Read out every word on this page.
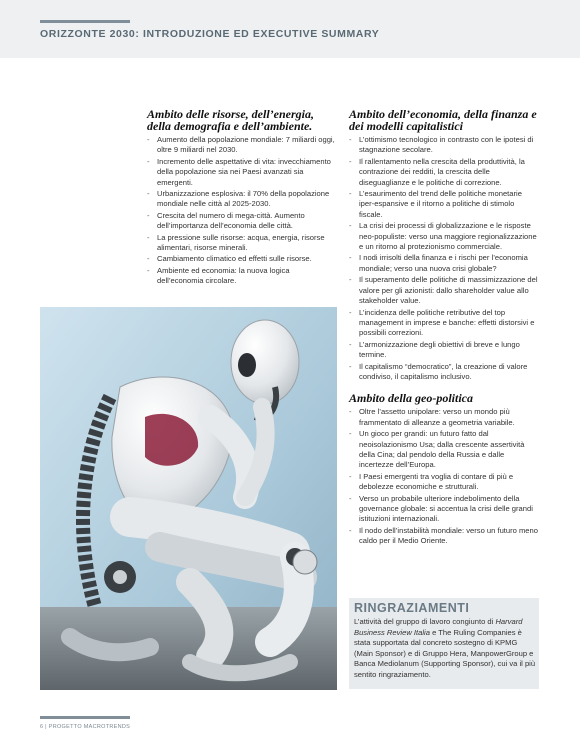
ORIZZONTE 2030: INTRODUZIONE ED EXECUTIVE SUMMARY
Ambito delle risorse, dell’energia, della demografia e dell’ambiente.
- Aumento della popolazione mondiale: 7 miliardi oggi, oltre 9 miliardi nel 2030.
- Incremento delle aspettative di vita: invecchiamento della popolazione sia nei Paesi avanzati sia emergenti.
- Urbanizzazione esplosiva: il 70% della popolazione mondiale nelle città al 2025-2030.
- Crescita del numero di mega-città. Aumento dell’importanza dell’economia delle città.
- La pressione sulle risorse: acqua, energia, risorse alimentari, risorse minerali.
- Cambiamento climatico ed effetti sulle risorse.
- Ambiente ed economia: la nuova logica dell’economia circolare.
Ambito dell’economia, della finanza e dei modelli capitalistici
- L’ottimismo tecnologico in contrasto con le ipotesi di stagnazione secolare.
- Il rallentamento nella crescita della produttività, la contrazione dei redditi, la crescita delle diseguaglianze e le politiche di correzione.
- L’esaurimento del trend delle politiche monetarie iper-espansive e il ritorno a politiche di stimolo fiscale.
- La crisi dei processi di globalizzazione e le risposte neo-populiste: verso una maggiore regionalizzazione e un ritorno al protezionismo commerciale.
- I nodi irrisolti della finanza e i rischi per l’economia mondiale; verso una nuova crisi globale?
- Il superamento delle politiche di massimizzazione del valore per gli azionisti: dallo shareholder value allo stakeholder value.
- L’incidenza delle politiche retributive del top management in imprese e banche: effetti distorsivi e possibili correzioni.
- L’armonizzazione degli obiettivi di breve e lungo termine.
- Il capitalismo “democratico”, la creazione di valore condiviso, il capitalismo inclusivo.
Ambito della geo-politica
- Oltre l’assetto unipolare: verso un mondo più frammentato di alleanze a geometria variabile.
- Un gioco per grandi: un futuro fatto dal neoisolazionismo Usa; dalla crescente assertività della Cina; dal pendolo della Russia e dalle incertezze dell’Europa.
- I Paesi emergenti tra voglia di contare di più e debolezze economiche e strutturali.
- Verso un probabile ulteriore indebolimento della governance globale: si accentua la crisi delle grandi istituzioni internazionali.
- Il nodo dell’instabilità mondiale: verso un futuro meno caldo per il Medio Oriente.
RINGRAZIAMENTI
L’attività del gruppo di lavoro congiunto di Harvard Business Review Italia e The Ruling Companies è stata supportata dal concreto sostegno di KPMG (Main Sponsor) e di Gruppo Hera, ManpowerGroup e Banca Mediolanum (Supporting Sponsor), cui va il più sentito ringraziamento.
6 | PROGETTO MACROTRENDS
